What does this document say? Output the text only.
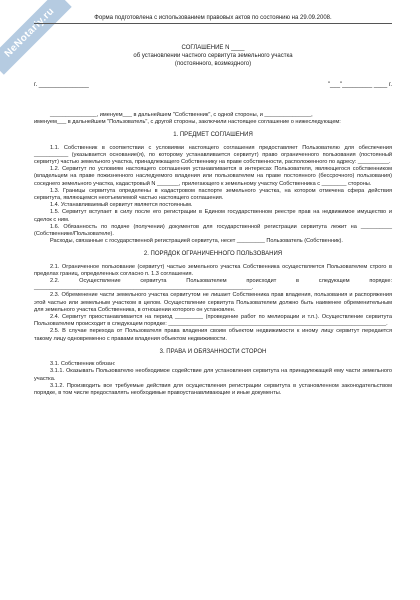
NeNotariy.ru	Форма подготовлена с использованием правовых актов по состоянию на 29.09.2008.
СОГЛАШЕНИЕ N ____
об установлении частного сервитута земельного участка
(постоянного, возмездного)
г. _______________	"___"_________ ____ г.

_______________, именуем___ в дальнейшем "Собственник", с одной стороны, и _______________,

именуем___ в дальнейшем "Пользователь", с другой стороны, заключили настоящее соглашение о нижеследующем:

1. ПРЕДМЕТ СОГЛАШЕНИЯ

1.1. Собственник в соответствии с условиями настоящего соглашения предоставляет Пользователю для обеспечения ___________ (указывается основание(я), по которому устанавливается сервитут) право ограниченного пользования (постоянный сервитут) частью земельного участка, принадлежащего Собственнику на праве собственности, расположенного по адресу: __________.

1.2. Сервитут по условиям настоящего соглашения устанавливается в интересах Пользователя, являющегося собственником (владельцем на праве пожизненного наследуемого владения или пользователем на праве постоянного (бессрочного) пользования) соседнего земельного участка, кадастровый N _______, прилегающего к земельному участку Собственника с ________ стороны.

1.3. Границы сервитута определены в кадастровом паспорте земельного участка, на котором отмечена сфера действия сервитута, являющемся неотъемлемой частью настоящего соглашения.

1.4. Устанавливаемый сервитут является постоянным.

1.5. Сервитут вступает в силу после его регистрации в Едином государственном реестре прав на недвижимое имущество и сделок с ним.

1.6. Обязанность по подаче (получении) документов для государственной регистрации сервитута лежит на __________ (Собственнике/Пользователе).

Расходы, связанные с государственной регистрацией сервитута, несет _________ Пользователь (Собственник).

2. ПОРЯДОК ОГРАНИЧЕННОГО ПОЛЬЗОВАНИЯ

2.1. Ограниченное пользование (сервитут) частью земельного участка Собственника осуществляется Пользователем строго в пределах границ, определенных согласно п. 1.3 соглашения.

2.2. Осуществление сервитута Пользователем происходит в следующем порядке: ______________________________________________________________________.

2.3. Обременение части земельного участка сервитутом не лишает Собственника прав владения, пользования и распоряжения этой частью или земельным участком в целом. Осуществление сервитута Пользователем должно быть наименее обременительным для земельного участка Собственника, в отношении которого он установлен.

2.4. Сервитут приостанавливается на период _________ (проведение работ по мелиорации и т.п.). Осуществление сервитута Пользователем происходит в следующем порядке: ______________________________________________________________________.

2.5. В случае перехода от Пользователя права владения своим объектом недвижимости к иному лицу сервитут передается такому лицу одновременно с правами владения объектом недвижимости.

3. ПРАВА И ОБЯЗАННОСТИ СТОРОН

3.1. Собственник обязан:

3.1.1. Оказывать Пользователю необходимое содействие для установления сервитута на принадлежащей ему части земельного участка.

3.1.2. Производить все требуемые действия для осуществления регистрации сервитута в установленном законодательством порядке, в том числе предоставлять необходимые правоустанавливающие и иные документы.
